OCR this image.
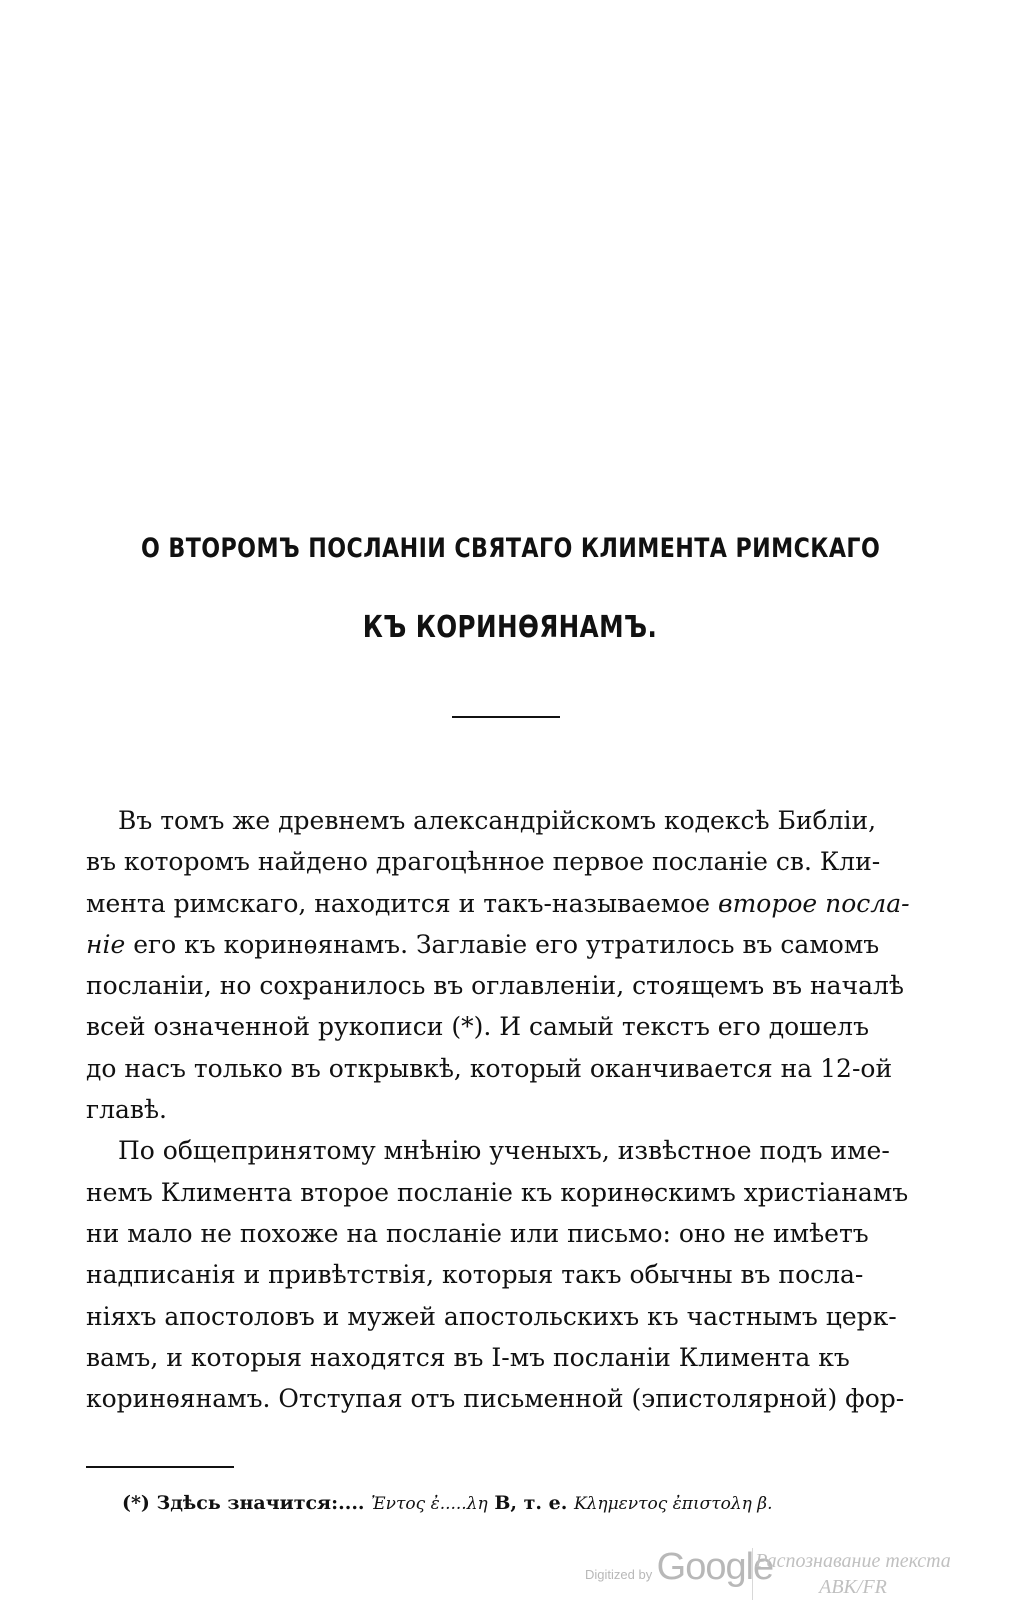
О ВТОРОМЪ ПОСЛАНІИ СВЯТАГО КЛИМЕНТА РИМСКАГО
КЪ КОРИНѲЯНАМЪ.
Въ томъ же древнемъ александрійскомъ кодексѣ Библіи,
въ которомъ найдено драгоцѣнное первое посланіе св. Кли-
мента римскаго, находится и такъ-называемое второе посла-
ніе его къ коринѳянамъ. Заглавіе его утратилось въ самомъ
посланіи, но сохранилось въ оглавленіи, стоящемъ въ началѣ
всей означенной рукописи (*). И самый текстъ его дошелъ
до насъ только въ открывкѣ, который оканчивается на 12-ой
главѣ.
По общепринятому мнѣнію ученыхъ, извѣстное подъ име-
немъ Климента второе посланіе къ коринѳскимъ христіанамъ
ни мало не похоже на посланіе или письмо: оно не имѣетъ
надписанія и привѣтствія, которыя такъ обычны въ посла-
ніяхъ апостоловъ и мужей апостольскихъ къ частнымъ церк-
вамъ, и которыя находятся въ I-мъ посланіи Климента къ
коринѳянамъ. Отступая отъ письменной (эпистолярной) фор-
(*) Здѣсь значится:.... Ἐντος ἐ.....λη В, т. е. Κλημεντος ἐπιστολη β.
Digitized by Google
Распознавание текста
ABK/FR
